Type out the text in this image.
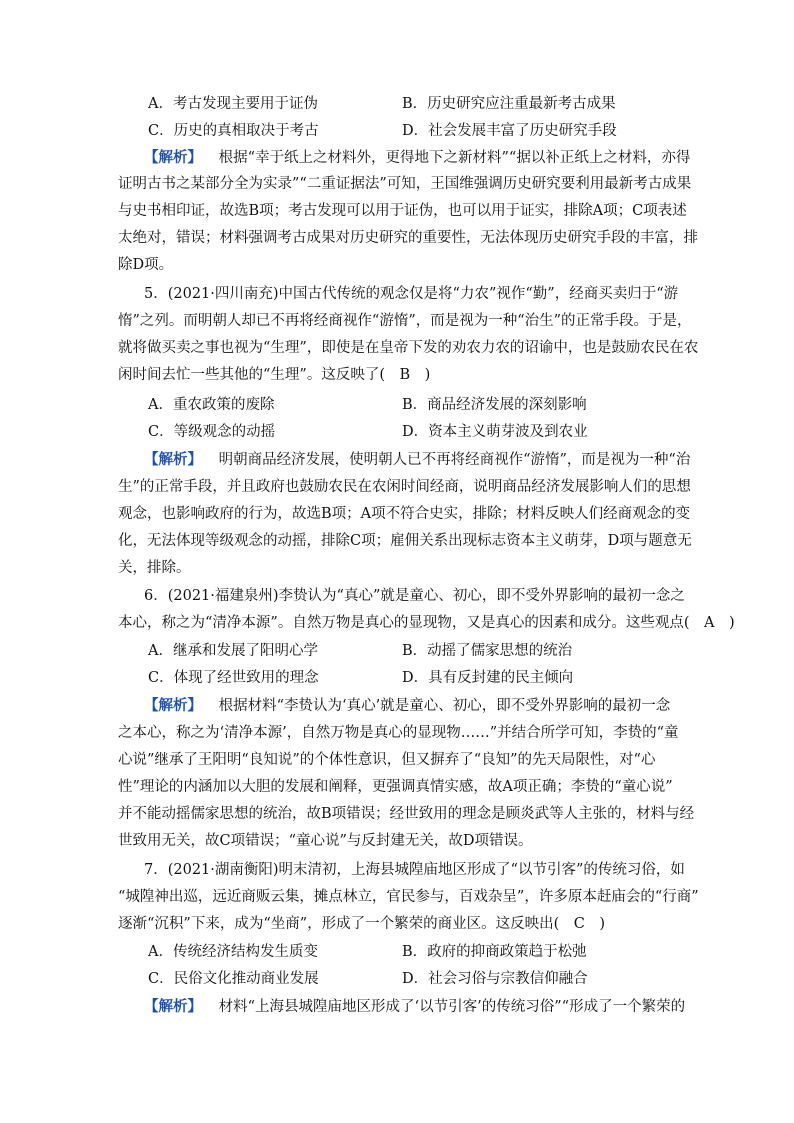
A．考古发现主要用于证伪	B．历史研究应注重最新考古成果
C．历史的真相取决于考古	D．社会发展丰富了历史研究手段
【解析】 根据“幸于纸上之材料外，更得地下之新材料”“据以补正纸上之材料，亦得
证明古书之某部分全为实录”“二重证据法”可知，王国维强调历史研究要利用最新考古成果
与史书相印证，故选B项；考古发现可以用于证伪，也可以用于证实，排除A项；C项表述
太绝对，错误；材料强调考古成果对历史研究的重要性，无法体现历史研究手段的丰富，排
除D项。
5．(2021·四川南充)中国古代传统的观念仅是将“力农”视作“勤”，经商买卖归于“游
惰”之列。而明朝人却已不再将经商视作“游惰”，而是视为一种“治生”的正常手段。于是，
就将做买卖之事也视为“生理”，即使是在皇帝下发的劝农力农的诏谕中，也是鼓励农民在农
闲时间去忙一些其他的“生理”。这反映了(　B　)
A．重农政策的废除	B．商品经济发展的深刻影响
C．等级观念的动摇	D．资本主义萌芽波及到农业
【解析】 明朝商品经济发展，使明朝人已不再将经商视作“游惰”，而是视为一种“治
生”的正常手段，并且政府也鼓励农民在农闲时间经商，说明商品经济发展影响人们的思想
观念，也影响政府的行为，故选B项；A项不符合史实，排除；材料反映人们经商观念的变
化，无法体现等级观念的动摇，排除C项；雇佣关系出现标志资本主义萌芽，D项与题意无
关，排除。
6．(2021·福建泉州)李贽认为“真心”就是童心、初心，即不受外界影响的最初一念之
本心，称之为“清净本源”。自然万物是真心的显现物，又是真心的因素和成分。这些观点(　A　)
A．继承和发展了阳明心学	B．动摇了儒家思想的统治
C．体现了经世致用的理念	D．具有反封建的民主倾向
【解析】 根据材料“李贽认为‘真心’就是童心、初心，即不受外界影响的最初一念
之本心，称之为‘清净本源’，自然万物是真心的显现物……”并结合所学可知，李贽的“童
心说”继承了王阳明“良知说”的个体性意识，但又摒弃了“良知”的先天局限性，对“心
性”理论的内涵加以大胆的发展和阐释，更强调真情实感，故A项正确；李贽的“童心说”
并不能动摇儒家思想的统治，故B项错误；经世致用的理念是顾炎武等人主张的，材料与经
世致用无关，故C项错误；“童心说”与反封建无关，故D项错误。
7．(2021·湖南衡阳)明末清初，上海县城隍庙地区形成了“以节引客”的传统习俗，如
“城隍神出巡，远近商贩云集，摊点林立，官民参与，百戏杂呈”，许多原本赶庙会的“行商”
逐渐“沉积”下来，成为“坐商”，形成了一个繁荣的商业区。这反映出(　C　)
A．传统经济结构发生质变	B．政府的抑商政策趋于松弛
C．民俗文化推动商业发展	D．社会习俗与宗教信仰融合
【解析】 材料“上海县城隍庙地区形成了‘以节引客’的传统习俗”“形成了一个繁荣的
